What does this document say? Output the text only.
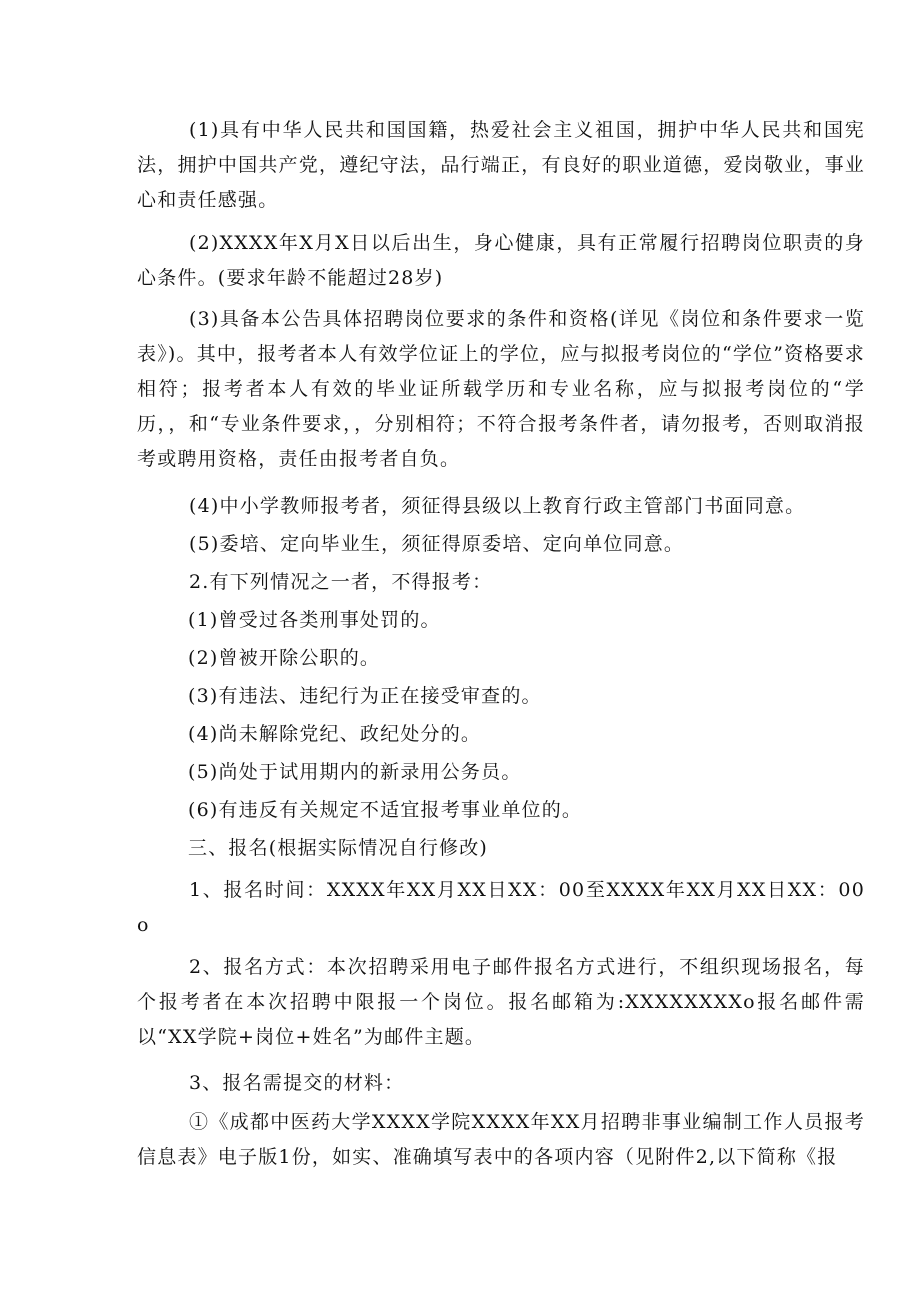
(1)具有中华人民共和国国籍，热爱社会主义祖国，拥护中华人民共和国宪法，拥护中国共产党，遵纪守法，品行端正，有良好的职业道德，爱岗敬业，事业心和责任感强。

(2)XXXX年X月X日以后出生，身心健康，具有正常履行招聘岗位职责的身心条件。(要求年龄不能超过28岁)

(3)具备本公告具体招聘岗位要求的条件和资格(详见《岗位和条件要求一览表》)。其中，报考者本人有效学位证上的学位，应与拟报考岗位的“学位”资格要求相符；报考者本人有效的毕业证所载学历和专业名称，应与拟报考岗位的“学历，，和“专业条件要求，，分别相符；不符合报考条件者，请勿报考，否则取消报考或聘用资格，责任由报考者自负。

(4)中小学教师报考者，须征得县级以上教育行政主管部门书面同意。

(5)委培、定向毕业生，须征得原委培、定向单位同意。

2.有下列情况之一者，不得报考：

(1)曾受过各类刑事处罚的。

(2)曾被开除公职的。

(3)有违法、违纪行为正在接受审查的。

(4)尚未解除党纪、政纪处分的。

(5)尚处于试用期内的新录用公务员。

(6)有违反有关规定不适宜报考事业单位的。

三、报名(根据实际情况自行修改)

1、报名时间：XXXX年XX月XX日XX：00至XXXX年XX月XX日XX：00o

2、报名方式：本次招聘采用电子邮件报名方式进行，不组织现场报名，每个报考者在本次招聘中限报一个岗位。报名邮箱为:XXXXXXXXo报名邮件需以“XX学院+岗位+姓名”为邮件主题。

3、报名需提交的材料：

①《成都中医药大学XXXX学院XXXX年XX月招聘非事业编制工作人员报考信息表》电子版1份，如实、准确填写表中的各项内容（见附件2,以下简称《报
